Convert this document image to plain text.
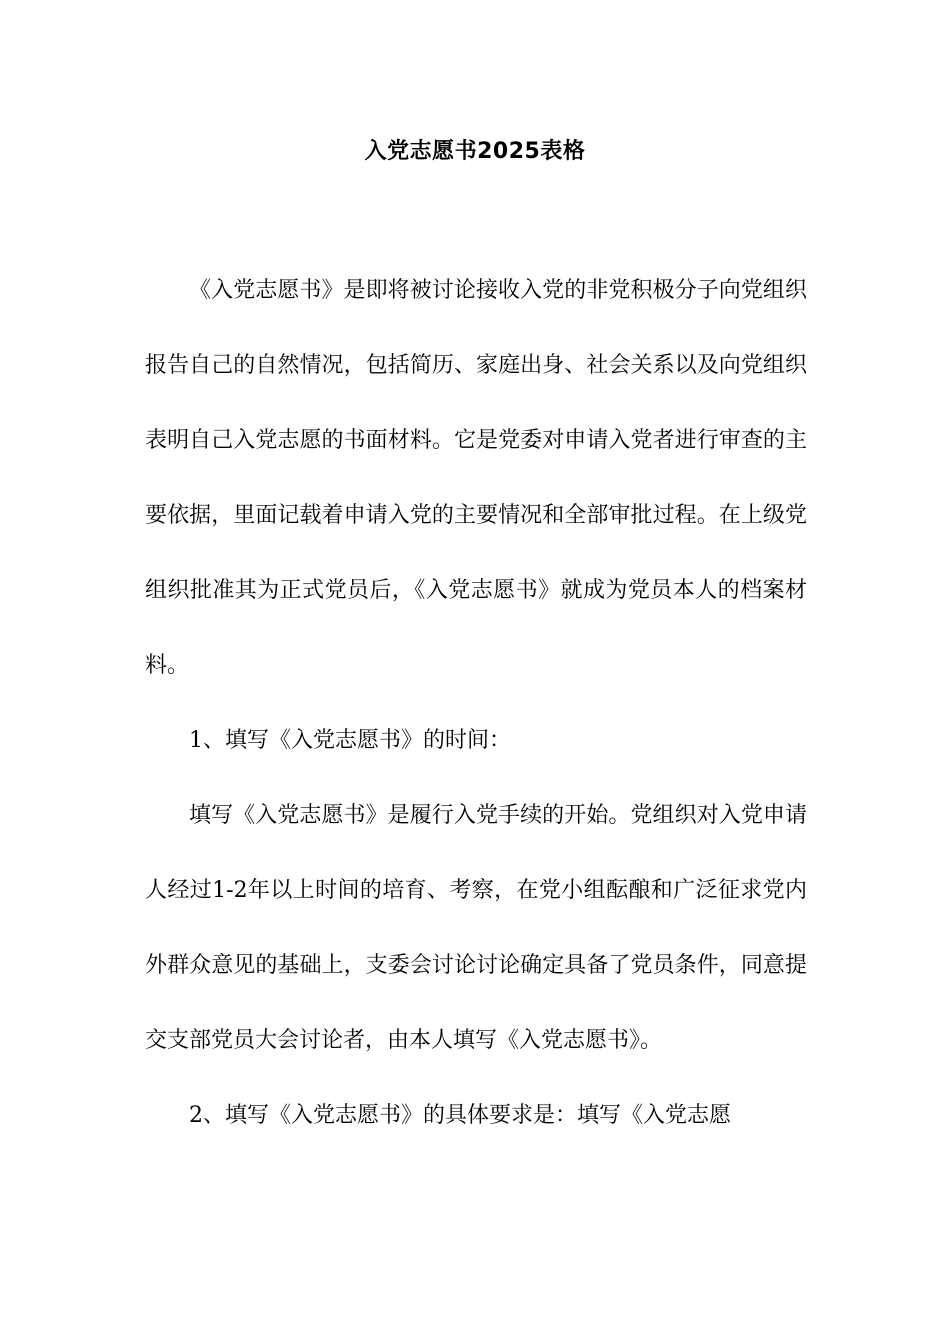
入党志愿书2025表格

《入党志愿书》是即将被讨论接收入党的非党积极分子向党组织报告自己的自然情况，包括简历、家庭出身、社会关系以及向党组织表明自己入党志愿的书面材料。它是党委对申请入党者进行审查的主要依据，里面记载着申请入党的主要情况和全部审批过程。在上级党组织批准其为正式党员后，《入党志愿书》就成为党员本人的档案材料。

1、填写《入党志愿书》的时间：

填写《入党志愿书》是履行入党手续的开始。党组织对入党申请人经过1-2年以上时间的培育、考察，在党小组酝酿和广泛征求党内外群众意见的基础上，支委会讨论讨论确定具备了党员条件，同意提交支部党员大会讨论者，由本人填写《入党志愿书》。

2、填写《入党志愿书》的具体要求是：填写《入党志愿
